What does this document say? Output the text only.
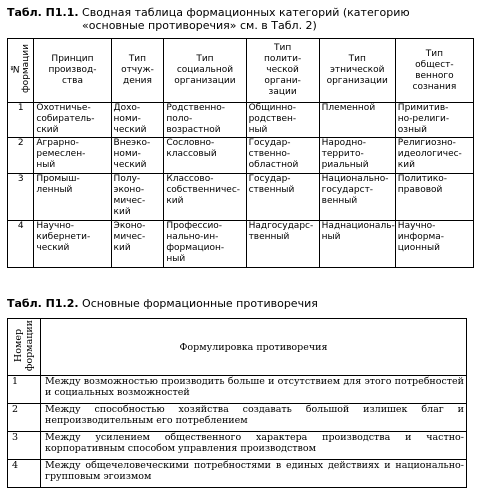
Табл. П1.1. Сводная таблица формационных категорий (категорию
«основные противоречия» см. в Табл. 2)
№
формации	Принцип
производ-
ства	Тип
отчуж-
дения	Тип
социальной
организации	Тип
полити-
ческой
органи-
зации	Тип
этнической
организации	Тип
общест-
венного
сознания
1	Охотничье-
собиратель-
ский	Дохо-
номи-
ческий	Родственно-
поло-
возрастной	Общинно-
родствен-
ный	Племенной	Примитив-
но-религи-
озный
2	Аграрно-
ремеслен-
ный	Внеэко-
номи-
ческий	Сословно-
классовый	Государ-
ственно-
областной	Народно-
террито-
риальный	Религиозно-
идеологичес-
кий
3	Промыш-
ленный	Полу-
эконо-
мичес-
кий	Классово-
собственничес-
кий	Государ-
ственный	Национально-
государст-
венный	Политико-
правовой
4	Научно-
кибернети-
ческий	Эконо-
мичес-
кий	Профессио-
нально-ин-
формацион-
ный	Надгосударс-
твенный	Наднациональ-
ный	Научно-
информа-
ционный
Табл. П1.2. Основные формационные противоречия
Номер
формации	Формулировка противоречия
1	Между возможностью производить больше и отсутствием для этого потребностей и социальных возможностей
2	Между способностью хозяйства создавать большой излишек благ и непроизводительным его потреблением
3	Между усилением общественного характера производства и частно-корпоративным способом управления производством
4	Между общечеловеческими потребностями в единых действиях и национально-групповым эгоизмом
